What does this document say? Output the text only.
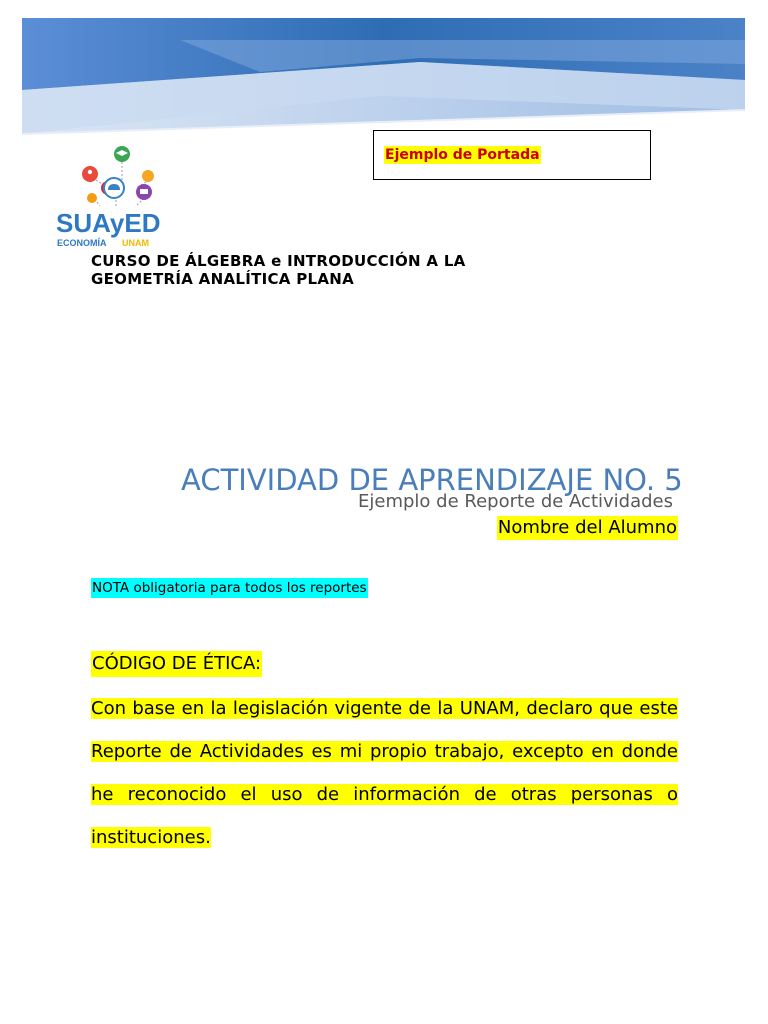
Ejemplo de Portada
SUAyED
ECONOMÍA UNAM
CURSO DE ÁLGEBRA e INTRODUCCIÓN A LA
GEOMETRÍA ANALÍTICA PLANA
ACTIVIDAD DE APRENDIZAJE NO. 5
Ejemplo de Reporte de Actividades
Nombre del Alumno
NOTA obligatoria para todos los reportes
CÓDIGO DE ÉTICA:
Con base en la legislación vigente de la UNAM, declaro que este Reporte de Actividades es mi propio trabajo, excepto en donde he reconocido el uso de información de otras personas o instituciones.
